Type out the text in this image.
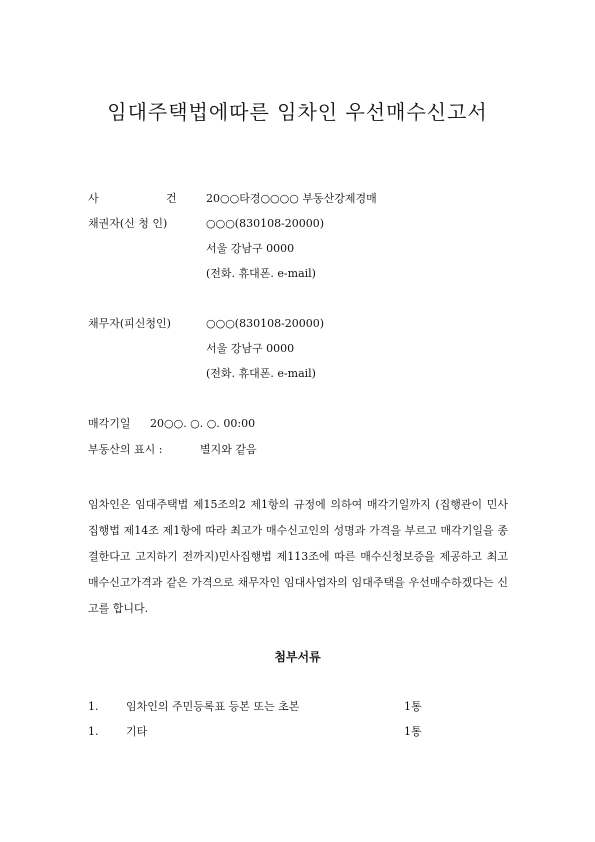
임대주택법에따른 임차인 우선매수신고서
사	건	20○○타경○○○○ 부동산강제경매
채권자(신 청 인)	○○○(830108-20000)
서울 강남구 0000
(전화. 휴대폰. e-mail)
채무자(피신청인)	○○○(830108-20000)
서울 강남구 0000
(전화. 휴대폰. e-mail)
매각기일 20○○. ○. ○. 00:00
부동산의 표시 :	별지와 같음
임차인은 임대주택법 제15조의2 제1항의 규정에 의하여 매각기일까지 (집행관이 민사집행법 제14조 제1항에 따라 최고가 매수신고인의 성명과 가격을 부르고 매각기일을 종결한다고 고지하기 전까지)민사집행법 제113조에 따른 매수신청보증을 제공하고 최고매수신고가격과 같은 가격으로 채무자인 임대사업자의 임대주택을 우선매수하겠다는 신고를 합니다.
첨부서류
1.	임차인의 주민등록표 등본 또는 초본	1통
1.	기타	1통
